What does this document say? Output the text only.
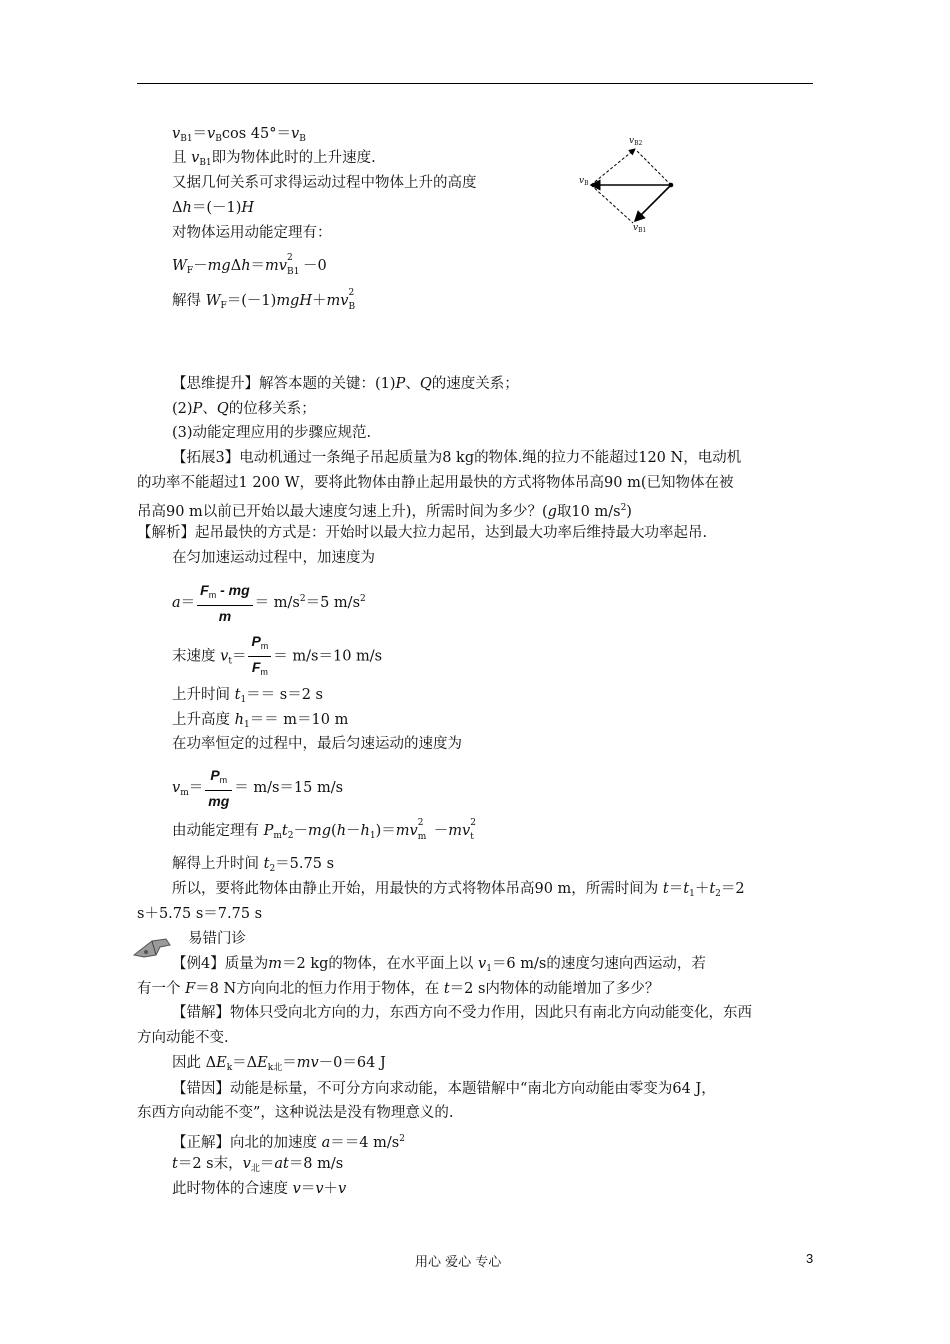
$v_{B1}=v_B\cos$ $45^\circ=v_B$
且 $v_{B1}$即为物体此时的上升速度.
又据几何关系可求得运动过程中物体上升的高度
Δh＝(－1)H
对物体运用动能定理有：
$W_F-mg\Delta h=mv$ 2
B1 －0
解得 $W_F=(-1)mgH+mv$ 2
B
$v_{B2}$
$v_B$
$v_{B1}$
【思维提升】解答本题的关键：(1)P、Q的速度关系；
(2)P、Q的位移关系；
(3)动能定理应用的步骤应规范.
【拓展3】电动机通过一条绳子吊起质量为8 kg的物体.绳的拉力不能超过120 N，电动机
的功率不能超过1 200 W，要将此物体由静止起用最快的方式将物体吊高90 m(已知物体在被
吊高90 m以前已开始以最大速度匀速上升)，所需时间为多少？(g取10 $m/s^2$)
【解析】起吊最快的方式是：开始时以最大拉力起吊，达到最大功率后维持最大功率起吊.
在匀加速运动过程中，加速度为
$a= \frac{F_m - mg}{m} = m/s^2=5$ $m/s^2$
末速度 $v_t= \frac{P_m}{F_m} = m/s=10$ m/s
上升时间 $t_1== s=2$ s
上升高度 $h_1== m=10$ m
在功率恒定的过程中，最后匀速运动的速度为
$v_m= \frac{P_m}{mg} = m/s=15$ m/s
由动能定理有 $P_mt_2-mg(h-h_1)=mv$ 2
m －mv 2
t
解得上升时间 $t_2=5.75$ s
所以，要将此物体由静止开始，用最快的方式将物体吊高90 m，所需时间为 $t=t_1+t_2=2$
s＋5.75 s＝7.75 s
易错门诊
【例4】质量为m＝2 kg的物体，在水平面上以 $v_1=6$ m/s的速度匀速向西运动，若
有一个 F＝8 N方向向北的恒力作用于物体，在 t＝2 s内物体的动能增加了多少？
【错解】物体只受向北方向的力，东西方向不受力作用，因此只有南北方向动能变化，东西
方向动能不变.
因此 $\Delta E_k=\Delta E_{k北}=mv-0=64$ J
【错因】动能是标量，不可分方向求动能，本题错解中“南北方向动能由零变为64 J，
东西方向动能不变”，这种说法是没有物理意义的.
【正解】向北的加速度 a＝＝4 $m/s^2$
t＝2 s末，$v_北=at=8$ m/s
此时物体的合速度 v＝v＋v
用心 爱心 专心	3
